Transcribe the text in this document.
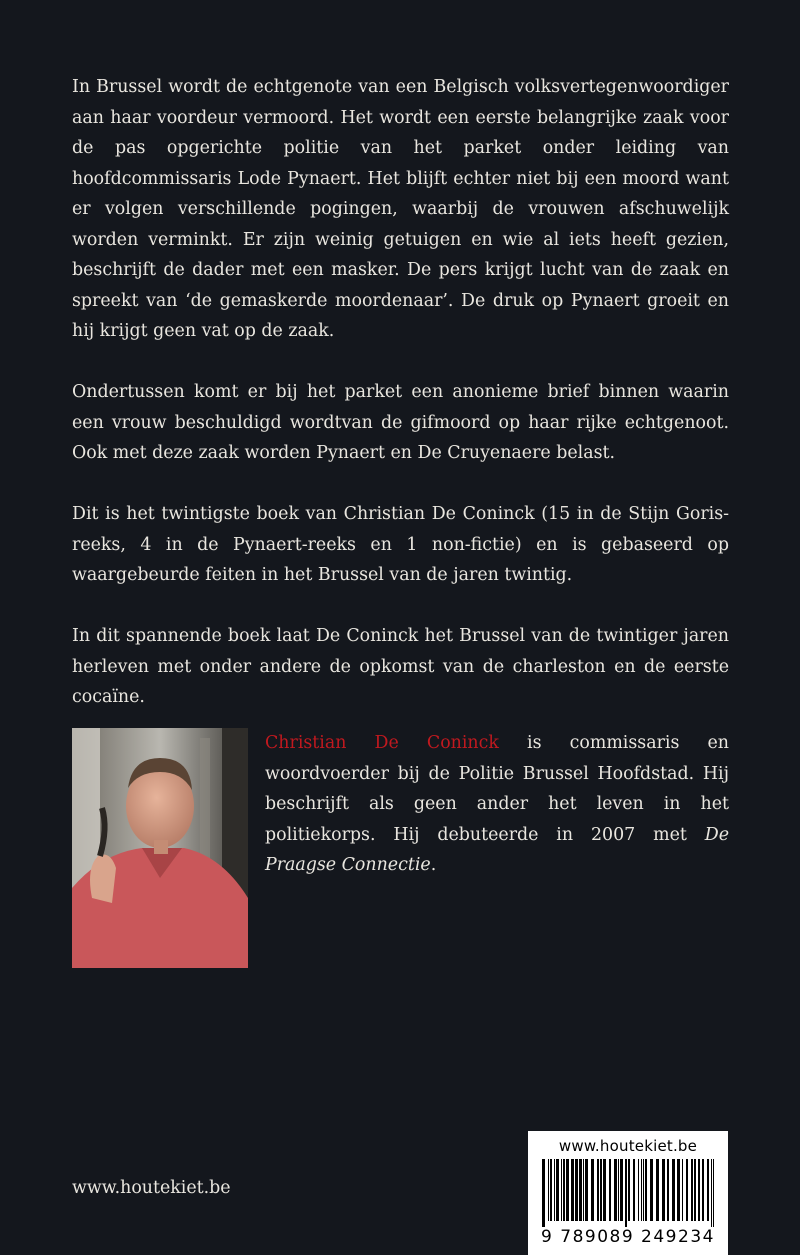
In Brussel wordt de echtgenote van een Belgisch volksvertegenwoordiger aan haar voordeur vermoord. Het wordt een eerste belangrijke zaak voor de pas opgerichte politie van het parket onder leiding van hoofdcommissaris Lode Pynaert. Het blijft echter niet bij een moord want er volgen verschillende pogingen, waarbij de vrouwen afschuwelijk worden verminkt. Er zijn weinig getuigen en wie al iets heeft gezien, beschrijft de dader met een masker. De pers krijgt lucht van de zaak en spreekt van ‘de gemaskerde moordenaar’. De druk op Pynaert groeit en hij krijgt geen vat op de zaak.

Ondertussen komt er bij het parket een anonieme brief binnen waarin een vrouw beschuldigd wordtvan de gifmoord op haar rijke echtgenoot. Ook met deze zaak worden Pynaert en De Cruyenaere belast.

Dit is het twintigste boek van Christian De Coninck (15 in de Stijn Goris-reeks, 4 in de Pynaert-reeks en 1 non-fictie) en is gebaseerd op waargebeurde feiten in het Brussel van de jaren twintig.

In dit spannende boek laat De Coninck het Brussel van de twintiger jaren herleven met onder andere de opkomst van de charleston en de eerste cocaïne.

Christian De Coninck is commissaris en woordvoerder bij de Politie Brussel Hoofdstad. Hij beschrijft als geen ander het leven in het politiekorps. Hij debuteerde in 2007 met De Praagse Connectie.
www.houtekiet.be
www.houtekiet.be
9 789089 249234
